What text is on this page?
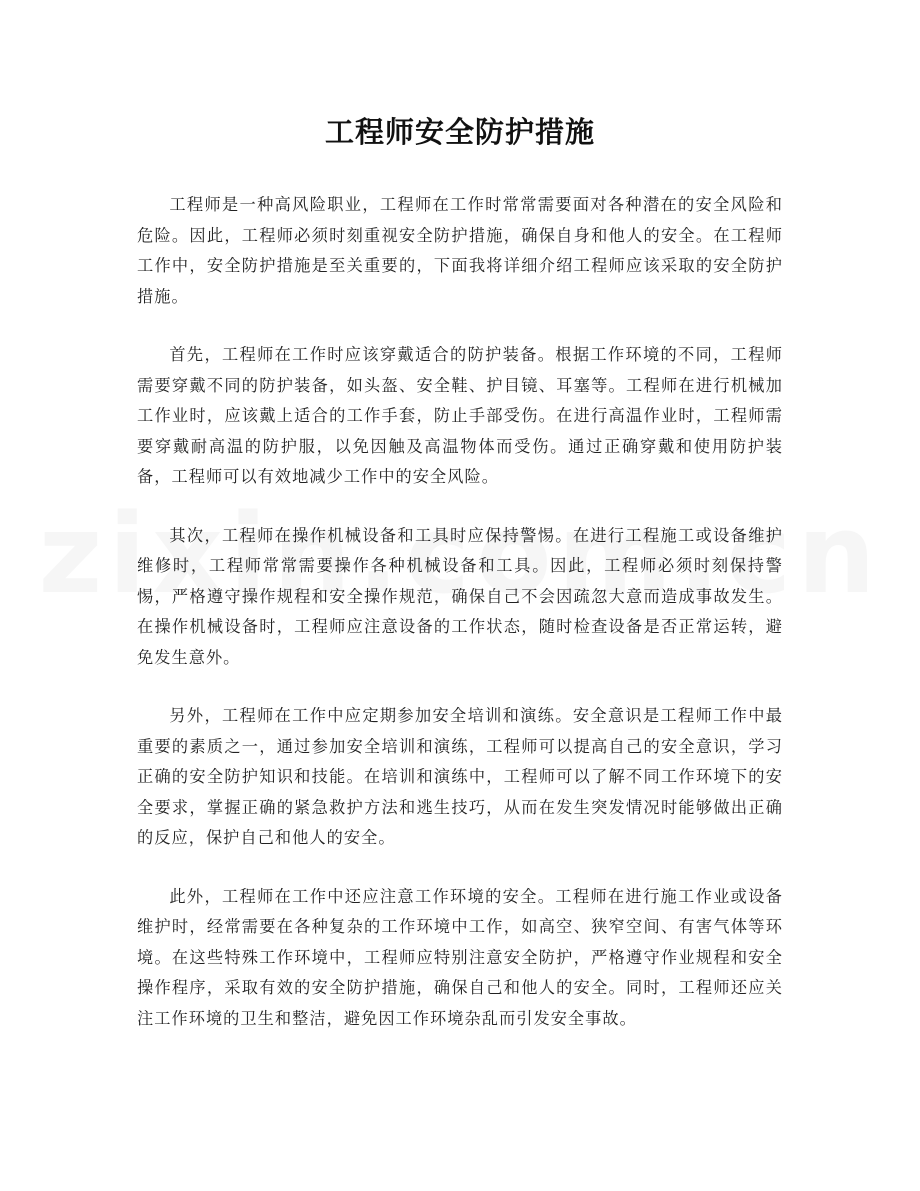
工程师安全防护措施

工程师是一种高风险职业，工程师在工作时常常需要面对各种潜在的安全风险和危险。因此，工程师必须时刻重视安全防护措施，确保自身和他人的安全。在工程师工作中，安全防护措施是至关重要的，下面我将详细介绍工程师应该采取的安全防护措施。

首先，工程师在工作时应该穿戴适合的防护装备。根据工作环境的不同，工程师需要穿戴不同的防护装备，如头盔、安全鞋、护目镜、耳塞等。工程师在进行机械加工作业时，应该戴上适合的工作手套，防止手部受伤。在进行高温作业时，工程师需要穿戴耐高温的防护服，以免因触及高温物体而受伤。通过正确穿戴和使用防护装备，工程师可以有效地减少工作中的安全风险。

其次，工程师在操作机械设备和工具时应保持警惕。在进行工程施工或设备维护维修时，工程师常常需要操作各种机械设备和工具。因此，工程师必须时刻保持警惕，严格遵守操作规程和安全操作规范，确保自己不会因疏忽大意而造成事故发生。在操作机械设备时，工程师应注意设备的工作状态，随时检查设备是否正常运转，避免发生意外。

另外，工程师在工作中应定期参加安全培训和演练。安全意识是工程师工作中最重要的素质之一，通过参加安全培训和演练，工程师可以提高自己的安全意识，学习正确的安全防护知识和技能。在培训和演练中，工程师可以了解不同工作环境下的安全要求，掌握正确的紧急救护方法和逃生技巧，从而在发生突发情况时能够做出正确的反应，保护自己和他人的安全。

此外，工程师在工作中还应注意工作环境的安全。工程师在进行施工作业或设备维护时，经常需要在各种复杂的工作环境中工作，如高空、狭窄空间、有害气体等环境。在这些特殊工作环境中，工程师应特别注意安全防护，严格遵守作业规程和安全操作程序，采取有效的安全防护措施，确保自己和他人的安全。同时，工程师还应关注工作环境的卫生和整洁，避免因工作环境杂乱而引发安全事故。
